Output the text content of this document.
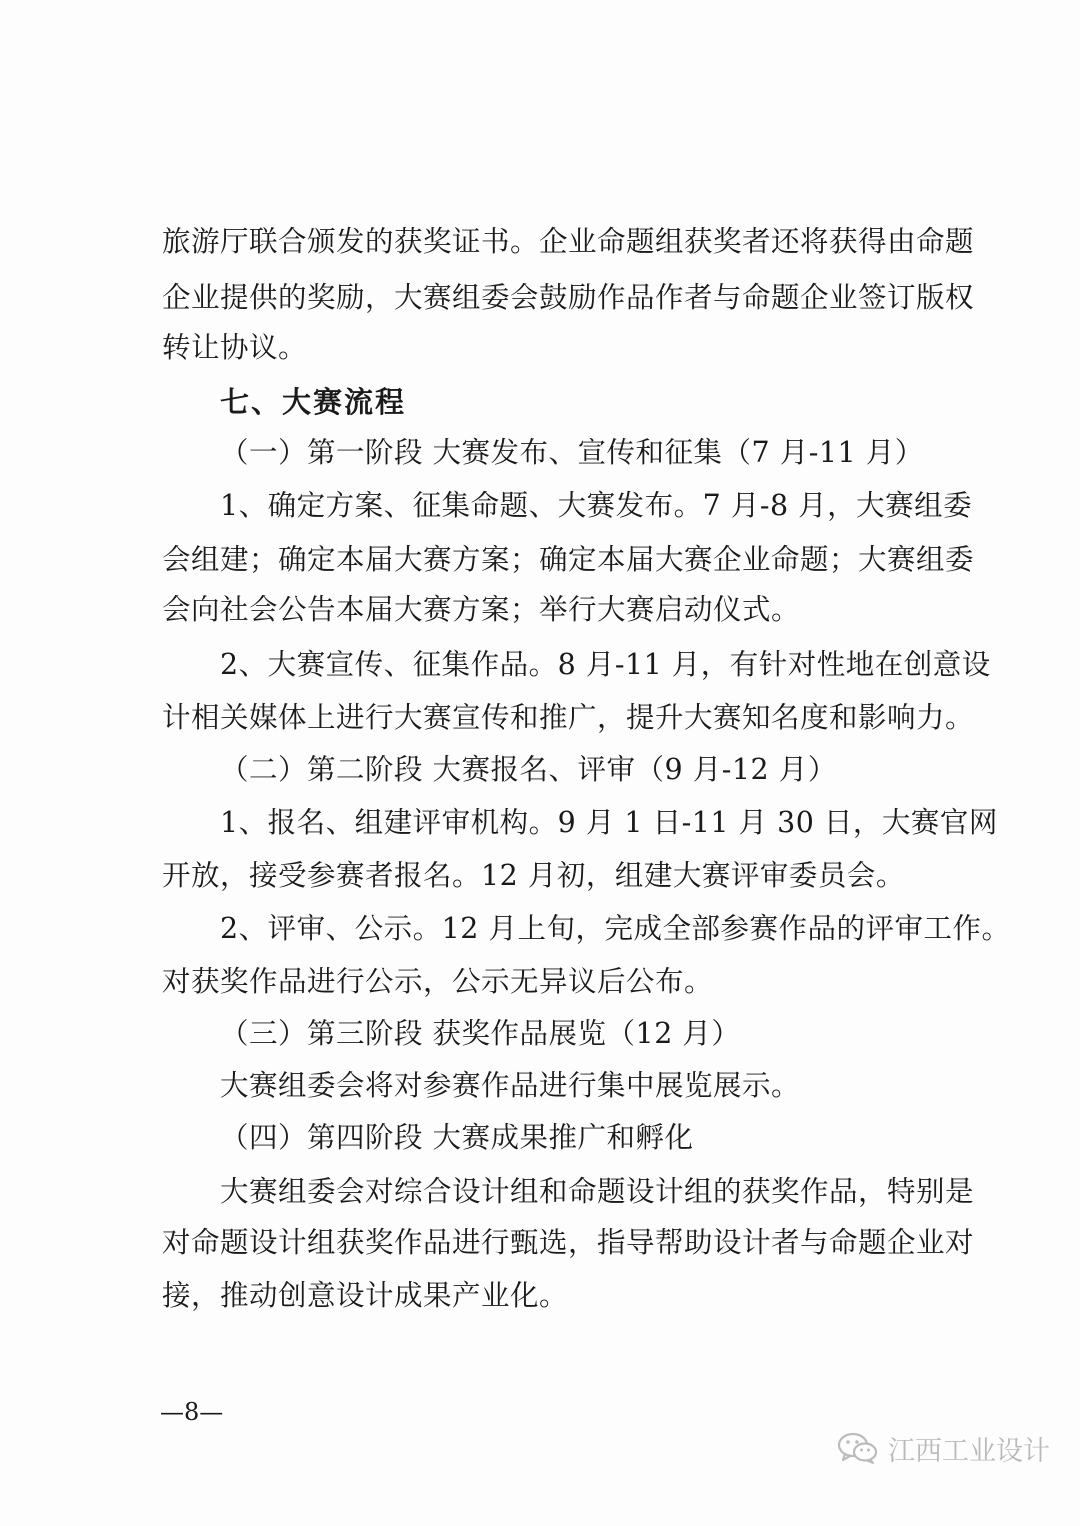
旅游厅联合颁发的获奖证书。企业命题组获奖者还将获得由命题
企业提供的奖励，大赛组委会鼓励作品作者与命题企业签订版权
转让协议。
七、大赛流程
（一）第一阶段 大赛发布、宣传和征集（7 月-11 月）
1、确定方案、征集命题、大赛发布。7 月-8 月，大赛组委
会组建；确定本届大赛方案；确定本届大赛企业命题；大赛组委
会向社会公告本届大赛方案；举行大赛启动仪式。
2、大赛宣传、征集作品。8 月-11 月，有针对性地在创意设
计相关媒体上进行大赛宣传和推广，提升大赛知名度和影响力。
（二）第二阶段 大赛报名、评审（9 月-12 月）
1、报名、组建评审机构。9 月 1 日-11 月 30 日，大赛官网
开放，接受参赛者报名。12 月初，组建大赛评审委员会。
2、评审、公示。12 月上旬，完成全部参赛作品的评审工作。
对获奖作品进行公示，公示无异议后公布。
（三）第三阶段 获奖作品展览（12 月）
大赛组委会将对参赛作品进行集中展览展示。
（四）第四阶段 大赛成果推广和孵化
大赛组委会对综合设计组和命题设计组的获奖作品，特别是
对命题设计组获奖作品进行甄选，指导帮助设计者与命题企业对
接，推动创意设计成果产业化。
—8—
江西工业设计
